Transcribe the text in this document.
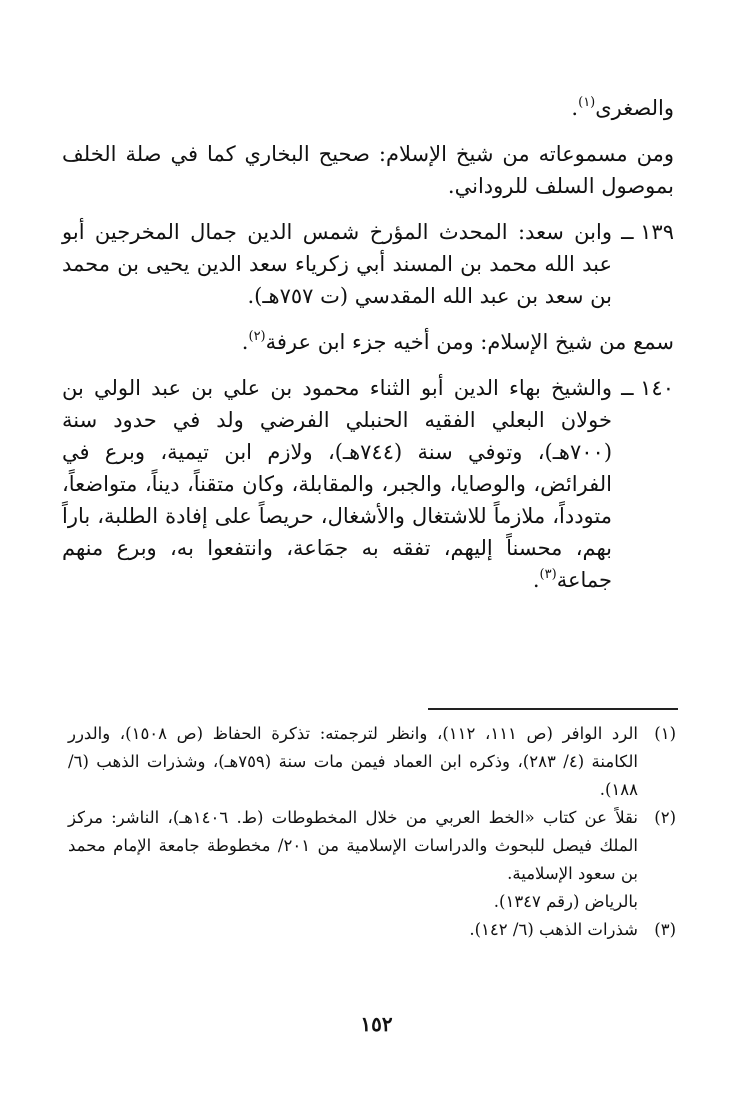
والصغرى$^{(١)}$.

ومن مسموعاته من شيخ الإسلام: صحيح البخاري كما في صلة الخلف بموصول السلف للروداني.

١٣٩ ــ
وابن سعد: المحدث المؤرخ شمس الدين جمال المخرجين أبو عبد الله محمد بن المسند أبي زكرياء سعد الدين يحيى بن محمد بن سعد بن عبد الله المقدسي (ت ٧٥٧هـ).

سمع من شيخ الإسلام: ومن أخيه جزء ابن عرفة$^{(٢)}$.

١٤٠ ــ
والشيخ بهاء الدين أبو الثناء محمود بن علي بن عبد الولي بن خولان البعلي الفقيه الحنبلي الفرضي ولد في حدود سنة (٧٠٠هـ)، وتوفي سنة (٧٤٤هـ)، ولازم ابن تيمية، وبرع في الفرائض، والوصايا، والجبر، والمقابلة، وكان متقناً، ديناً، متواضعاً، متودداً، ملازماً للاشتغال والأشغال، حريصاً على إفادة الطلبة، باراً بهم، محسناً إليهم، تفقه به جمَاعة، وانتفعوا به، وبرع منهم جماعة$^{(٣)}$.
(١)
الرد الوافر (ص ١١١، ١١٢)، وانظر لترجمته: تذكرة الحفاظ (ص ١٥٠٨)، والدرر الكامنة (٤/ ٢٨٣)، وذكره ابن العماد فيمن مات سنة (٧٥٩هـ)، وشذرات الذهب (٦/ ١٨٨).
(٢)
نقلاً عن كتاب «الخط العربي من خلال المخطوطات (ط. ١٤٠٦هـ)، الناشر: مركز الملك فيصل للبحوث والدراسات الإسلامية من ٢٠١/ مخطوطة جامعة الإمام محمد بن سعود الإسلامية.
بالرياض (رقم ١٣٤٧).
(٣)
شذرات الذهب (٦/ ١٤٢).
١٥٢
